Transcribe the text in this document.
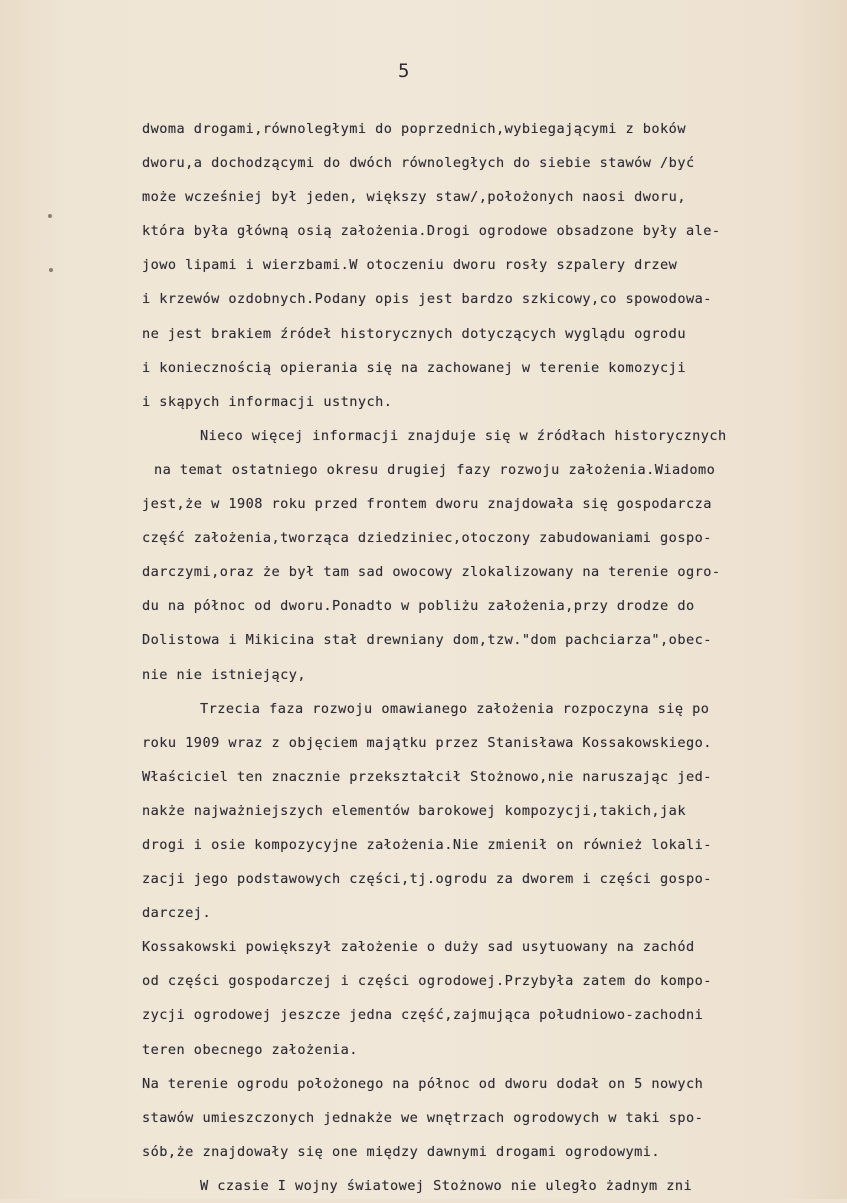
5
dwoma drogami,równoległymi do poprzednich,wybiegającymi z boków
dworu,a dochodzącymi do dwóch równoległych do siebie stawów /być
może wcześniej był jeden, większy staw/,położonych naosi dworu,
która była główną osią założenia.Drogi ogrodowe obsadzone były ale-
jowo lipami i wierzbami.W otoczeniu dworu rosły szpalery drzew
i krzewów ozdobnych.Podany opis jest bardzo szkicowy,co spowodowa-
ne jest brakiem źródeł historycznych dotyczących wyglądu ogrodu
i koniecznością opierania się na zachowanej w terenie komozycji
i skąpych informacji ustnych.
Nieco więcej informacji znajduje się w źródłach historycznych
na temat ostatniego okresu drugiej fazy rozwoju założenia.Wiadomo
jest,że w 1908 roku przed frontem dworu znajdowała się gospodarcza
część założenia,tworząca dziedziniec,otoczony zabudowaniami gospo-
darczymi,oraz że był tam sad owocowy zlokalizowany na terenie ogro-
du na północ od dworu.Ponadto w pobliżu założenia,przy drodze do
Dolistowa i Mikicina stał drewniany dom,tzw."dom pachciarza",obec-
nie nie istniejący,
Trzecia faza rozwoju omawianego założenia rozpoczyna się po
roku 1909 wraz z objęciem majątku przez Stanisława Kossakowskiego.
Właściciel ten znacznie przekształcił Stożnowo,nie naruszając jed-
nakże najważniejszych elementów barokowej kompozycji,takich,jak
drogi i osie kompozycyjne założenia.Nie zmienił on również lokali-
zacji jego podstawowych części,tj.ogrodu za dworem i części gospo-
darczej.
Kossakowski powiększył założenie o duży sad usytuowany na zachód
od części gospodarczej i części ogrodowej.Przybyła zatem do kompo-
zycji ogrodowej jeszcze jedna część,zajmująca południowo-zachodni
teren obecnego założenia.
Na terenie ogrodu położonego na północ od dworu dodał on 5 nowych
stawów umieszczonych jednakże we wnętrzach ogrodowych w taki spo-
sób,że znajdowały się one między dawnymi drogami ogrodowymi.
W czasie I wojny światowej Stożnowo nie uległo żadnym zni
